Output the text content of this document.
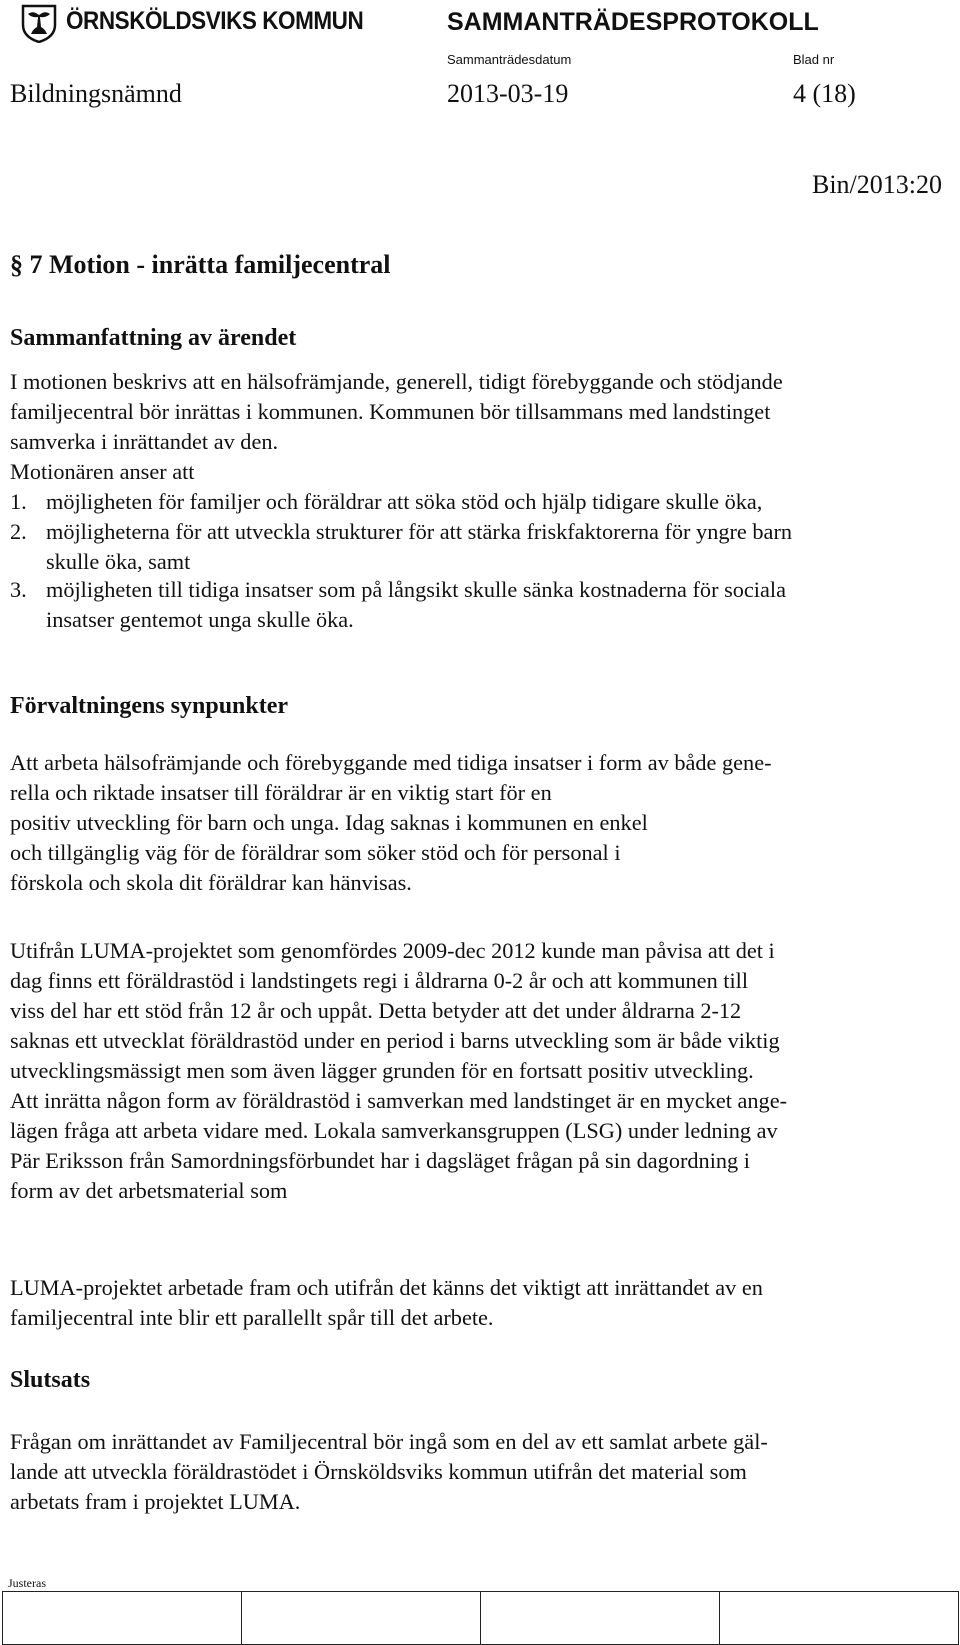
ÖRNSKÖLDSVIKS KOMMUN	SAMMANTRÄDESPROTOKOLL
Sammanträdesdatum	Blad nr
Bildningsnämnd	2013-03-19	4 (18)
Bin/2013:20
§ 7 Motion - inrätta familjecentral
Sammanfattning av ärendet
I motionen beskrivs att en hälsofrämjande, generell, tidigt förebyggande och stödjande
familjecentral bör inrättas i kommunen. Kommunen bör tillsammans med landstinget
samverka i inrättandet av den.
Motionären anser att
1. möjligheten för familjer och föräldrar att söka stöd och hjälp tidigare skulle öka,
2. möjligheterna för att utveckla strukturer för att stärka friskfaktorerna för yngre barn
skulle öka, samt
3. möjligheten till tidiga insatser som på långsikt skulle sänka kostnaderna för sociala
insatser gentemot unga skulle öka.
Förvaltningens synpunkter
Att arbeta hälsofrämjande och förebyggande med tidiga insatser i form av både gene-
rella och riktade insatser till föräldrar är en viktig start för en
positiv utveckling för barn och unga. Idag saknas i kommunen en enkel
och tillgänglig väg för de föräldrar som söker stöd och för personal i
förskola och skola dit föräldrar kan hänvisas.
Utifrån LUMA-projektet som genomfördes 2009-dec 2012 kunde man påvisa att det i
dag finns ett föräldrastöd i landstingets regi i åldrarna 0-2 år och att kommunen till
viss del har ett stöd från 12 år och uppåt. Detta betyder att det under åldrarna 2-12
saknas ett utvecklat föräldrastöd under en period i barns utveckling som är både viktig
utvecklingsmässigt men som även lägger grunden för en fortsatt positiv utveckling.
Att inrätta någon form av föräldrastöd i samverkan med landstinget är en mycket ange-
lägen fråga att arbeta vidare med. Lokala samverkansgruppen (LSG) under ledning av
Pär Eriksson från Samordningsförbundet har i dagsläget frågan på sin dagordning i
form av det arbetsmaterial som
LUMA-projektet arbetade fram och utifrån det känns det viktigt att inrättandet av en
familjecentral inte blir ett parallellt spår till det arbete.
Slutsats
Frågan om inrättandet av Familjecentral bör ingå som en del av ett samlat arbete gäl-
lande att utveckla föräldrastödet i Örnsköldsviks kommun utifrån det material som
arbetats fram i projektet LUMA.
Justeras
